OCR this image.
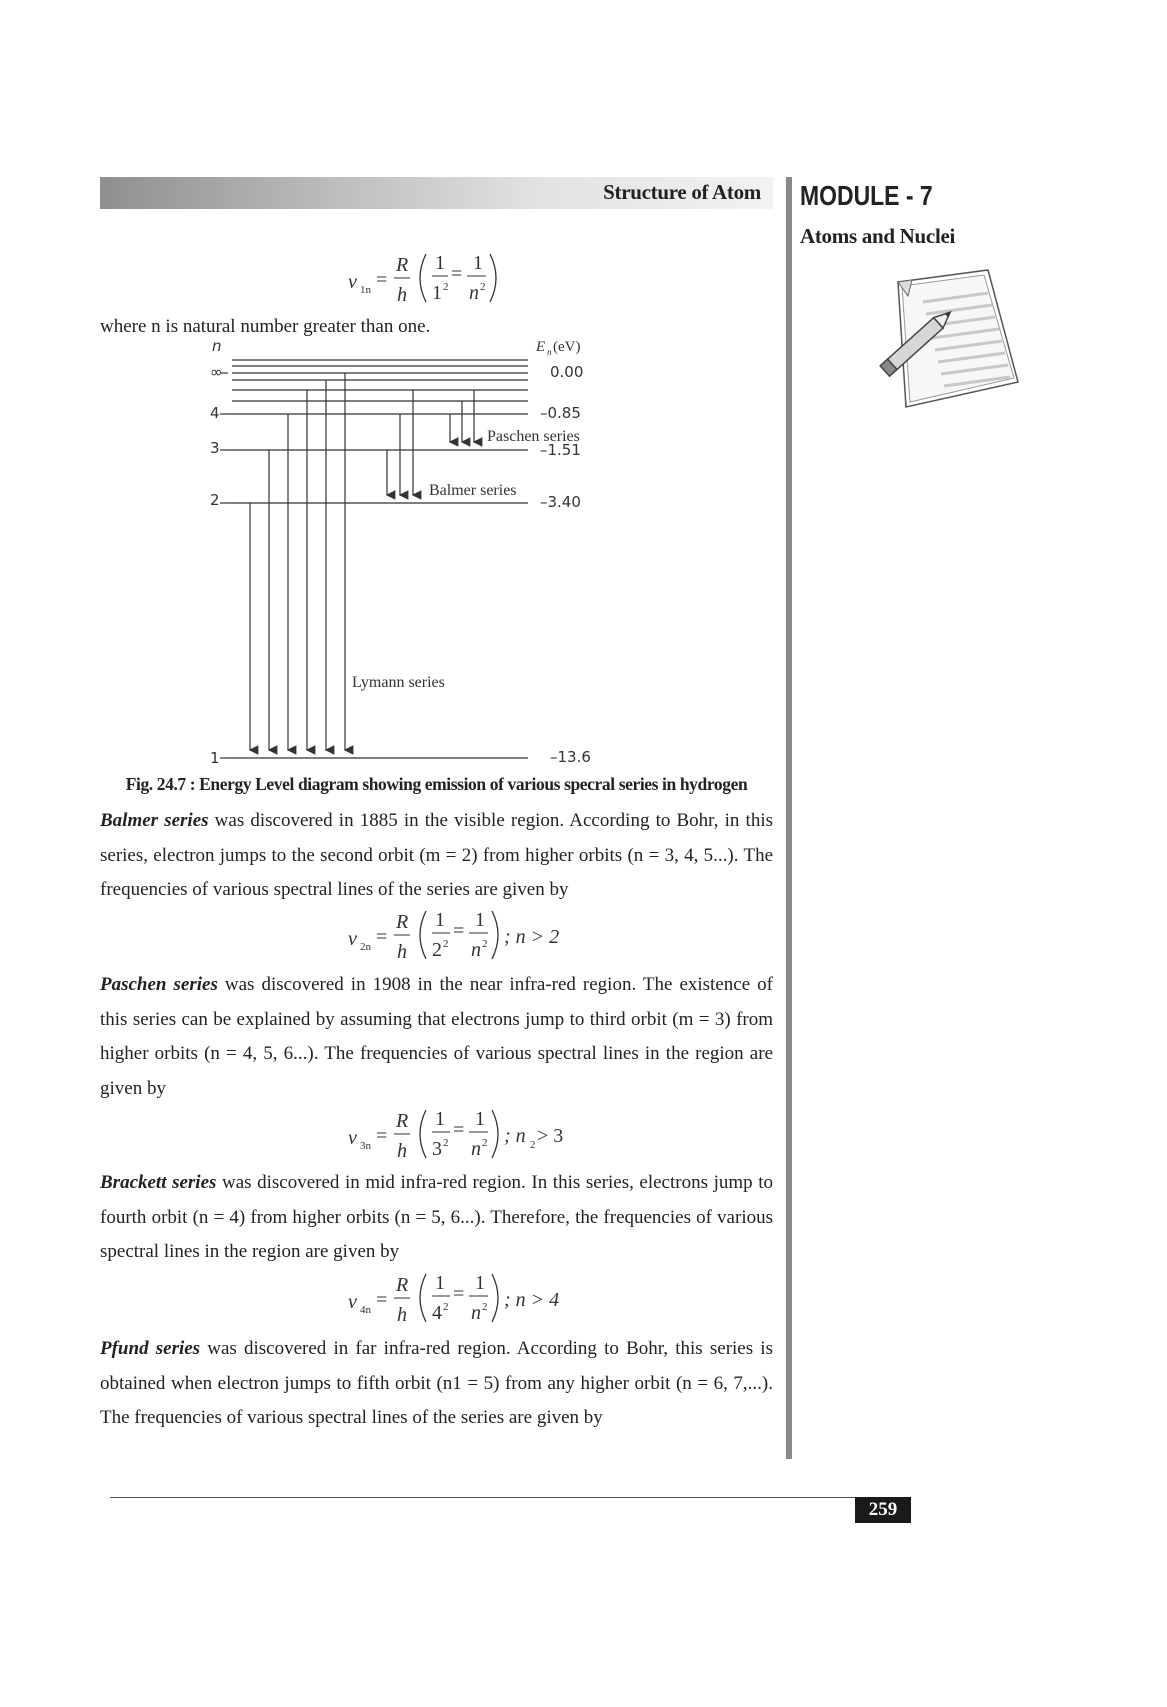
Structure of Atom MODULE - 7
Atoms and Nuclei
ν 1n =
R
h
1
1 2
= 1
n 2
where n is natural number greater than one.
n	E n (eV)
∞	0.00
–0.85
4
3	–1.51
2	–3.40
1	–13.6
Paschen series
Balmer series
Lymann series
Fig. 24.7 : Energy Level diagram showing emission of various specral series in hydrogen
Balmer series was discovered in 1885 in the visible region. According to Bohr, in this series, electron jumps to the second orbit (m = 2) from higher orbits (n = 3, 4, 5...). The frequencies of various spectral lines of the series are given by
ν 2n =
R
h
1
2 2
= 1
n 2 ; n > 2
Paschen series was discovered in 1908 in the near infra-red region. The existence of this series can be explained by assuming that electrons jump to third orbit (m = 3) from higher orbits (n = 4, 5, 6...). The frequencies of various spectral lines in the region are given by
ν 3n =
R
h
1
3 2
= 1
n 2 ; n 2 > 3
Brackett series was discovered in mid infra-red region. In this series, electrons jump to fourth orbit (n = 4) from higher orbits (n = 5, 6...). Therefore, the frequencies of various spectral lines in the region are given by
ν 4n =
R
h
1
4 2
= 1
n 2 ; n > 4
Pfund series was discovered in far infra-red region. According to Bohr, this series is obtained when electron jumps to fifth orbit (n1 = 5) from any higher orbit (n = 6, 7,...). The frequencies of various spectral lines of the series are given by
259
